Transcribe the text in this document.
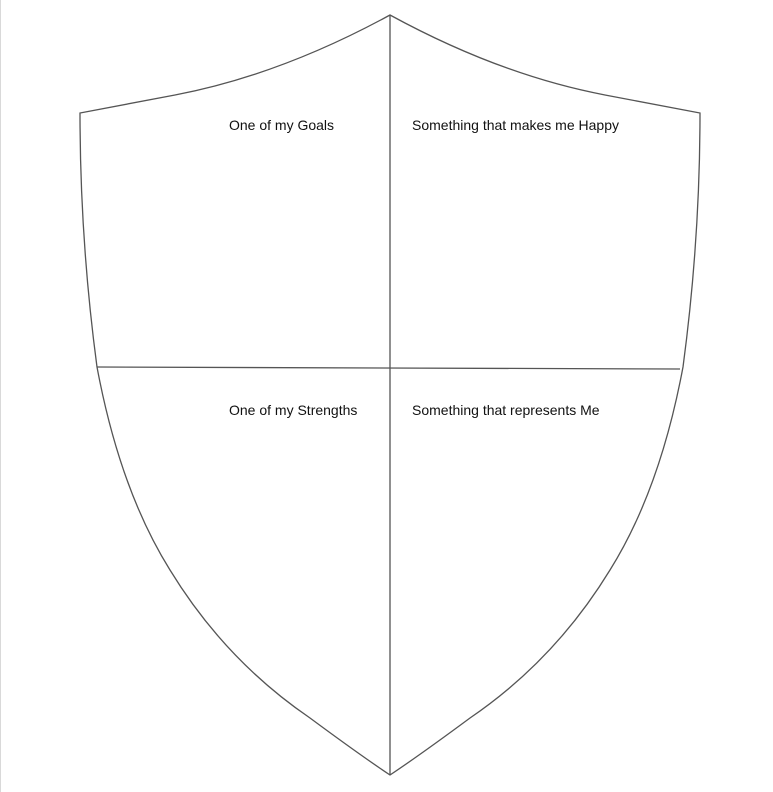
One of my Goals	Something that makes me Happy
One of my Strengths	Something that represents Me
